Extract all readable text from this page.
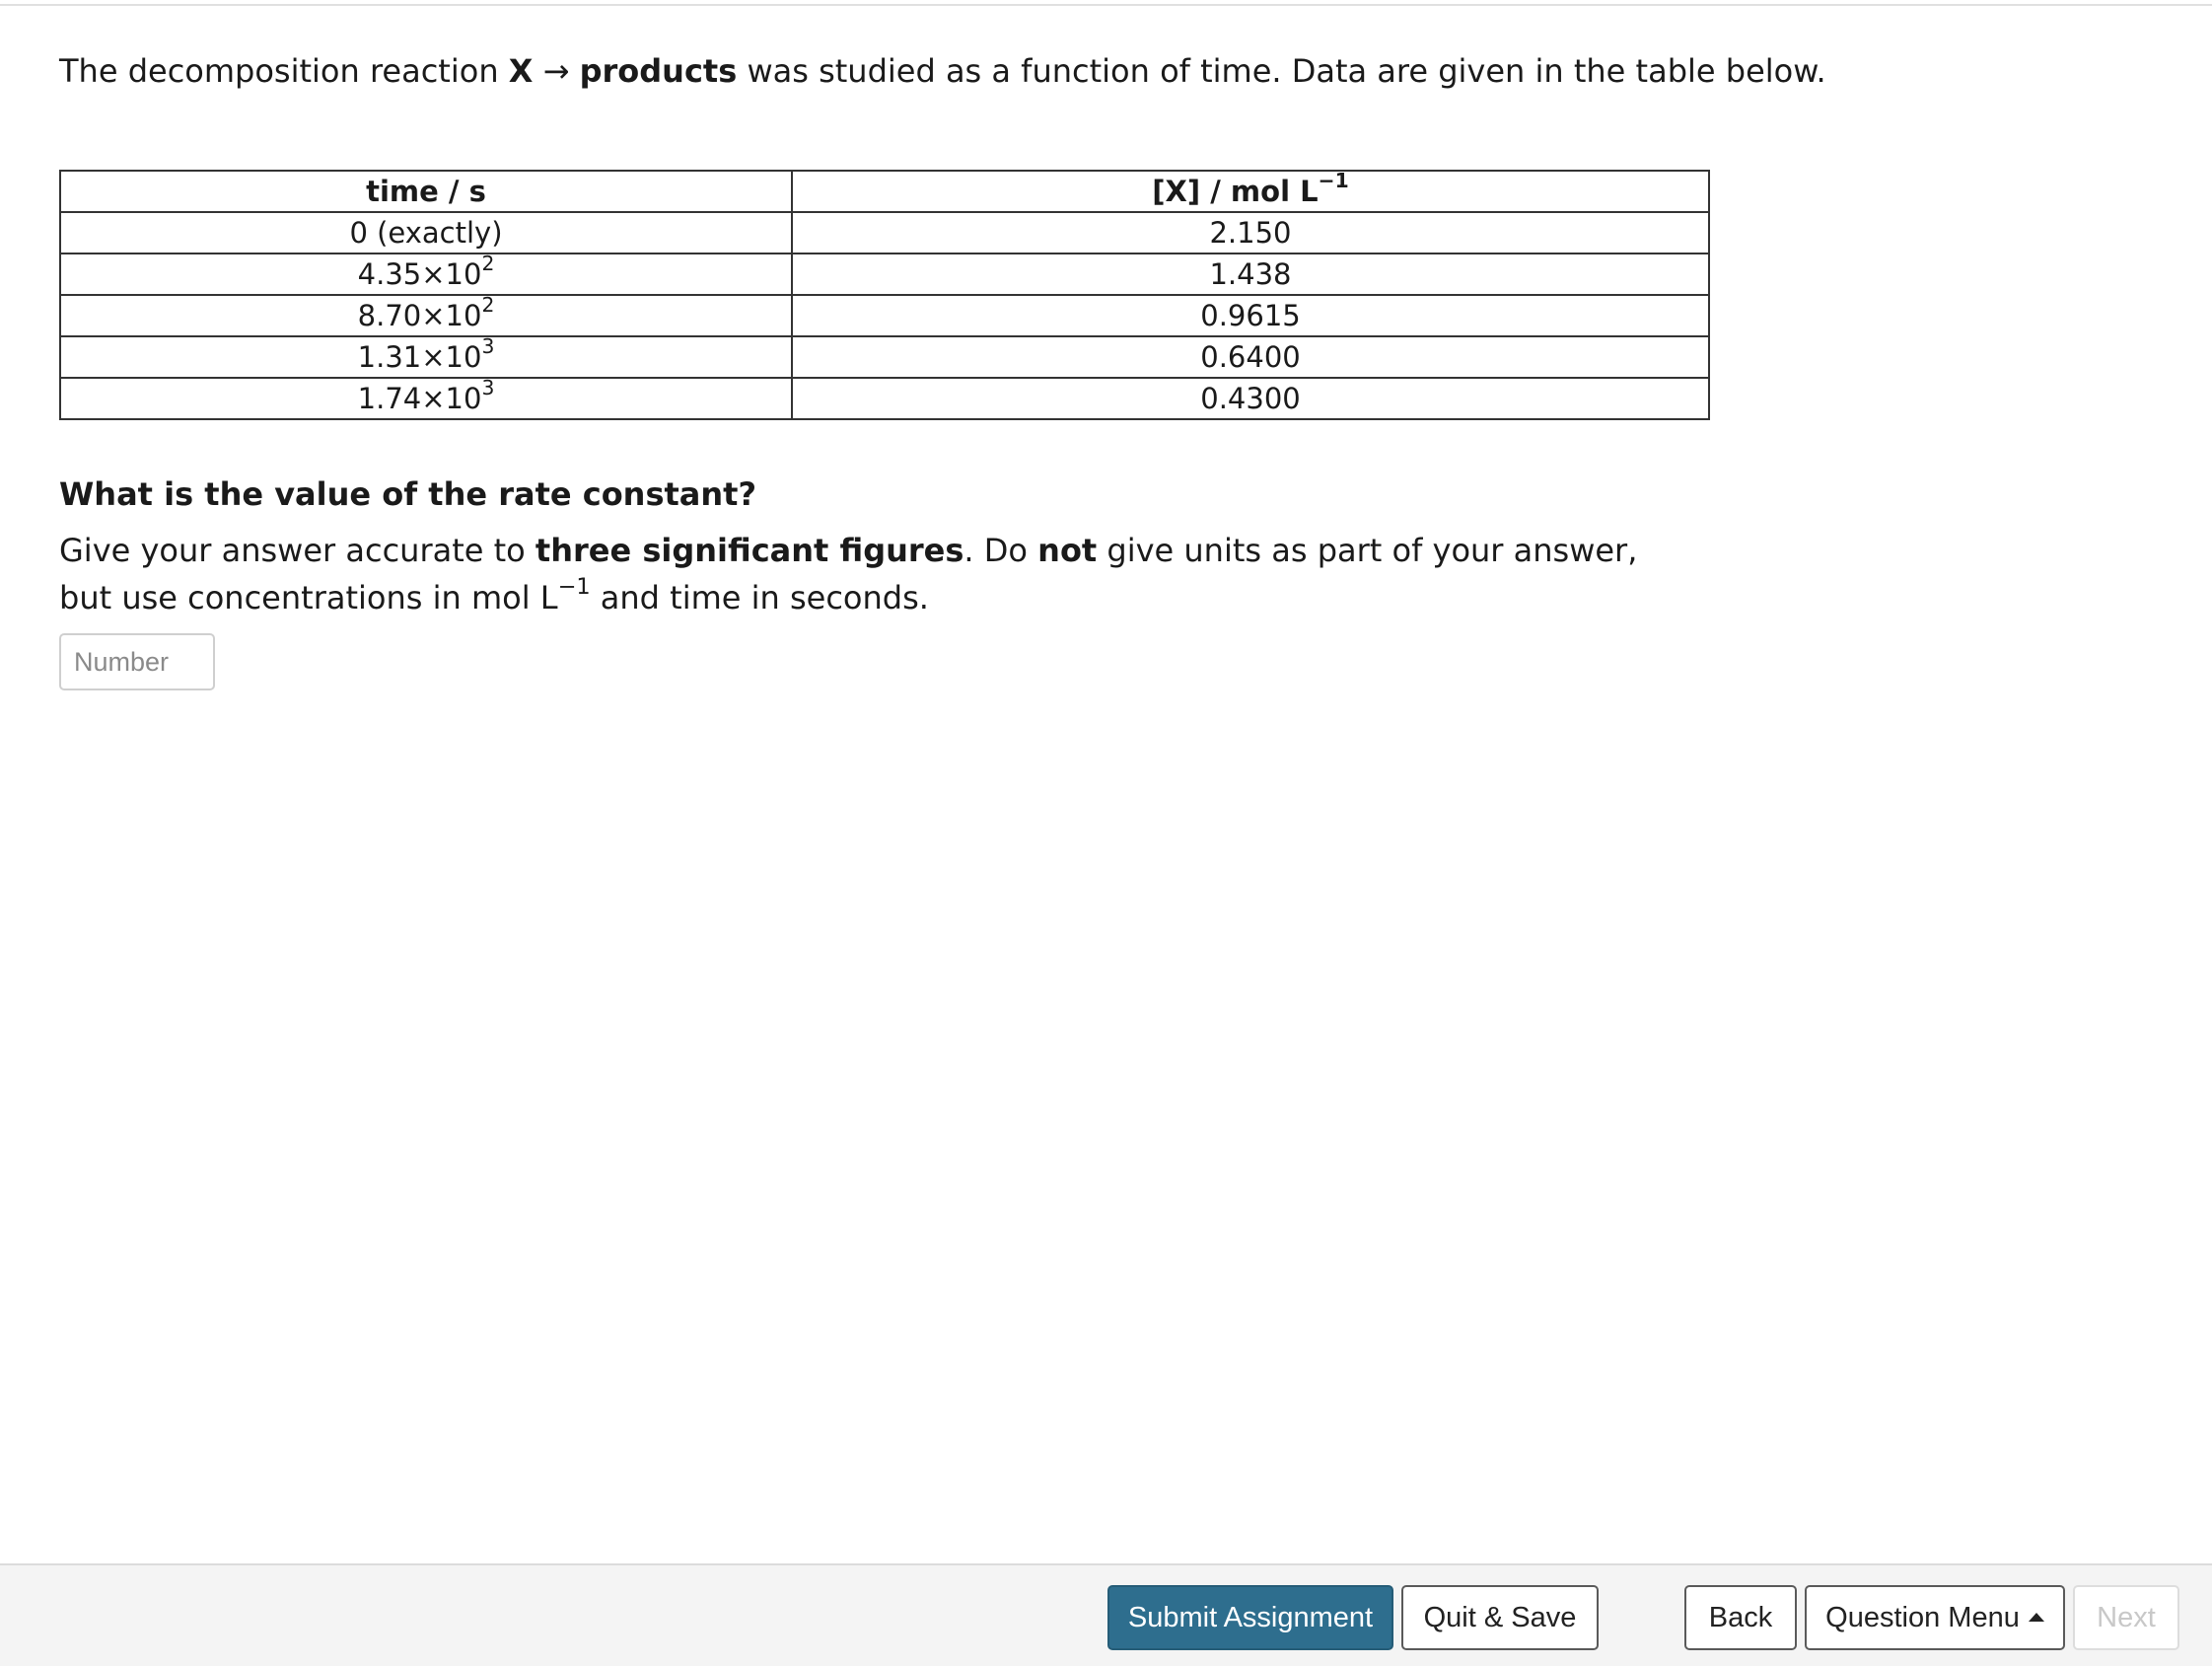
The decomposition reaction X → products was studied as a function of time. Data are given in the table below.
time / s	[X] / mol $L^{-1}$
0 (exactly)	2.150
$4.35\times 10^2$	1.438
$8.70\times 10^2$	0.9615
$1.31\times 10^3$	0.6400
$1.74\times 10^3$	0.4300
What is the value of the rate constant?
Give your answer accurate to three significant figures. Do not give units as part of your answer, but use concentrations in mol $L^{-1}$ and time in seconds.
Number
Submit Assignment	Quit & Save	Back	Question Menu	Next
